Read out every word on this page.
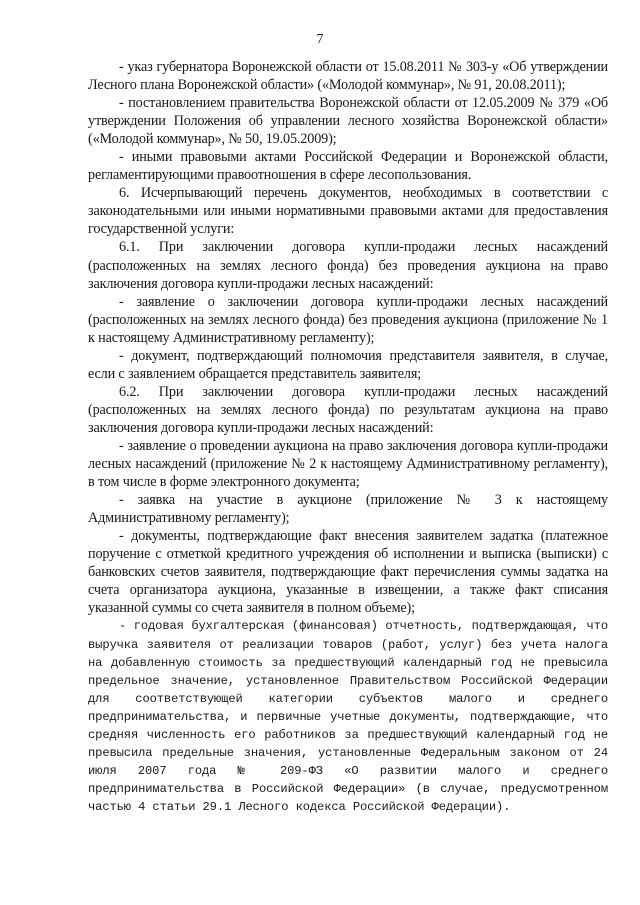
7

- указ губернатора Воронежской области от 15.08.2011 № 303-у «Об утверждении Лесного плана Воронежской области» («Молодой коммунар», № 91, 20.08.2011);

- постановлением правительства Воронежской области от 12.05.2009 № 379 «Об утверждении Положения об управлении лесного хозяйства Воронежской области» («Молодой коммунар», № 50, 19.05.2009);

- иными правовыми актами Российской Федерации и Воронежской области, регламентирующими правоотношения в сфере лесопользования.

6. Исчерпывающий перечень документов, необходимых в соответствии с законодательными или иными нормативными правовыми актами для предоставления государственной услуги:

6.1. При заключении договора купли-продажи лесных насаждений (расположенных на землях лесного фонда) без проведения аукциона на право заключения договора купли-продажи лесных насаждений:

- заявление о заключении договора купли-продажи лесных насаждений (расположенных на землях лесного фонда) без проведения аукциона (приложение № 1 к настоящему Административному регламенту);

- документ, подтверждающий полномочия представителя заявителя, в случае, если с заявлением обращается представитель заявителя;

6.2. При заключении договора купли-продажи лесных насаждений (расположенных на землях лесного фонда) по результатам аукциона на право заключения договора купли-продажи лесных насаждений:

- заявление о проведении аукциона на право заключения договора купли-продажи лесных насаждений (приложение № 2 к настоящему Административному регламенту), в том числе в форме электронного документа;

- заявка на участие в аукционе (приложение № 3 к настоящему Административному регламенту);

- документы, подтверждающие факт внесения заявителем задатка (платежное поручение с отметкой кредитного учреждения об исполнении и выписка (выписки) с банковских счетов заявителя, подтверждающие факт перечисления суммы задатка на счета организатора аукциона, указанные в извещении, а также факт списания указанной суммы со счета заявителя в полном объеме);

- годовая бухгалтерская (финансовая) отчетность, подтверждающая, что выручка заявителя от реализации товаров (работ, услуг) без учета налога на добавленную стоимость за предшествующий календарный год не превысила предельное значение, установленное Правительством Российской Федерации для соответствующей категории субъектов малого и среднего предпринимательства, и первичные учетные документы, подтверждающие, что средняя численность его работников за предшествующий календарный год не превысила предельные значения, установленные Федеральным законом от 24 июля 2007 года № 209-ФЗ «О развитии малого и среднего предпринимательства в Российской Федерации» (в случае, предусмотренном частью 4 статьи 29.1 Лесного кодекса Российской Федерации).
